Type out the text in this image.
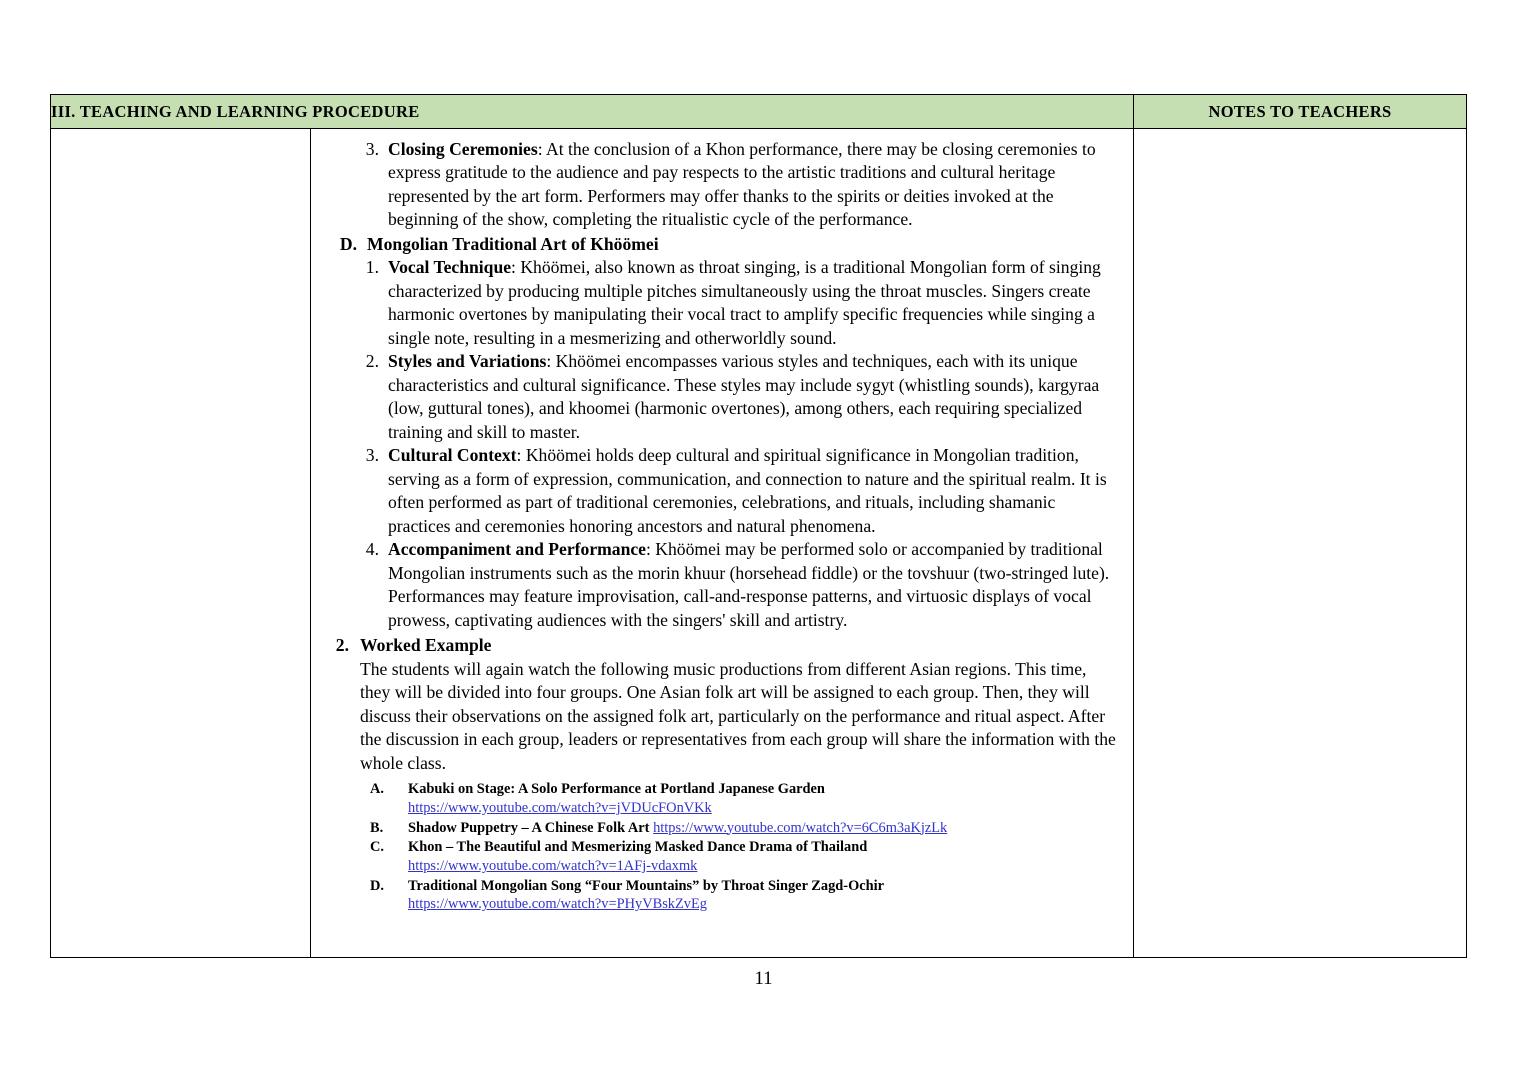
III. TEACHING AND LEARNING PROCEDURE		NOTES TO TEACHERS

3. Closing Ceremonies: At the conclusion of a Khon performance, there may be closing ceremonies to express gratitude to the audience and pay respects to the artistic traditions and cultural heritage represented by the art form. Performers may offer thanks to the spirits or deities invoked at the beginning of the show, completing the ritualistic cycle of the performance.
D. Mongolian Traditional Art of Khöömei
1. Vocal Technique: Khöömei, also known as throat singing, is a traditional Mongolian form of singing characterized by producing multiple pitches simultaneously using the throat muscles. Singers create harmonic overtones by manipulating their vocal tract to amplify specific frequencies while singing a single note, resulting in a mesmerizing and otherworldly sound.
2. Styles and Variations: Khöömei encompasses various styles and techniques, each with its unique characteristics and cultural significance. These styles may include sygyt (whistling sounds), kargyraa (low, guttural tones), and khoomei (harmonic overtones), among others, each requiring specialized training and skill to master.
3. Cultural Context: Khöömei holds deep cultural and spiritual significance in Mongolian tradition, serving as a form of expression, communication, and connection to nature and the spiritual realm. It is often performed as part of traditional ceremonies, celebrations, and rituals, including shamanic practices and ceremonies honoring ancestors and natural phenomena.
4. Accompaniment and Performance: Khöömei may be performed solo or accompanied by traditional Mongolian instruments such as the morin khuur (horsehead fiddle) or the tovshuur (two-stringed lute). Performances may feature improvisation, call-and-response patterns, and virtuosic displays of vocal prowess, captivating audiences with the singers' skill and artistry.
2. Worked Example
The students will again watch the following music productions from different Asian regions. This time, they will be divided into four groups. One Asian folk art will be assigned to each group. Then, they will discuss their observations on the assigned folk art, particularly on the performance and ritual aspect. After the discussion in each group, leaders or representatives from each group will share the information with the whole class.
A.	Kabuki on Stage: A Solo Performance at Portland Japanese Garden
https://www.youtube.com/watch?v=jVDUcFOnVKk
B.	Shadow Puppetry – A Chinese Folk Art https://www.youtube.com/watch?v=6C6m3aKjzLk
C.	Khon – The Beautiful and Mesmerizing Masked Dance Drama of Thailand
https://www.youtube.com/watch?v=1AFj-vdaxmk
D.	Traditional Mongolian Song “Four Mountains” by Throat Singer Zagd-Ochir
https://www.youtube.com/watch?v=PHyVBskZvEg

11
